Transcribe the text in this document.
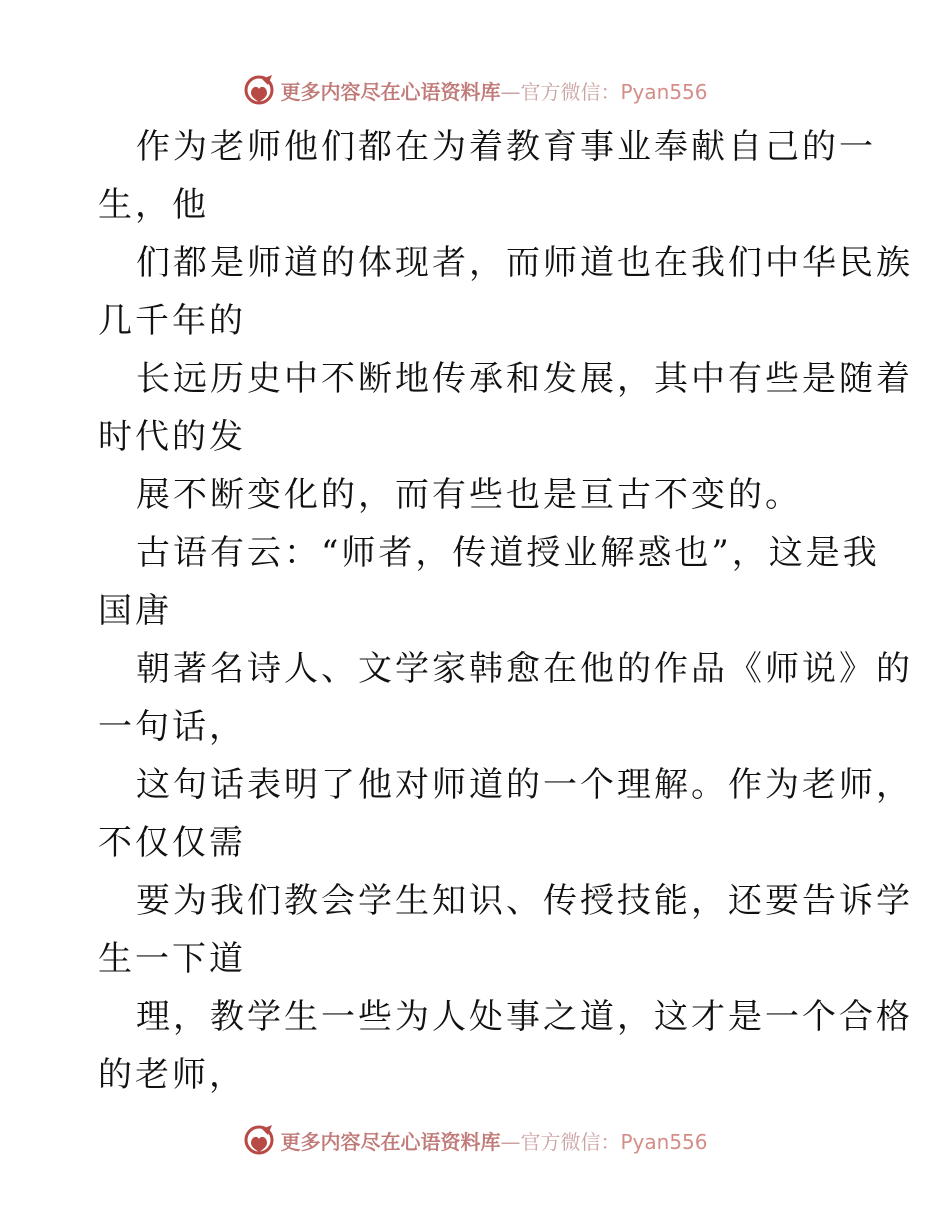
更多内容尽在心语资料库—官方微信：Pyan556
作为老师他们都在为着教育事业奉献自己的一
生，他
们都是师道的体现者，而师道也在我们中华民族
几千年的
长远历史中不断地传承和发展，其中有些是随着
时代的发
展不断变化的，而有些也是亘古不变的。
古语有云：“师者，传道授业解惑也”，这是我
国唐
朝著名诗人、文学家韩愈在他的作品《师说》的
一句话，
这句话表明了他对师道的一个理解。作为老师，
不仅仅需
要为我们教会学生知识、传授技能，还要告诉学
生一下道
理，教学生一些为人处事之道，这才是一个合格
的老师，
更多内容尽在心语资料库—官方微信：Pyan556
